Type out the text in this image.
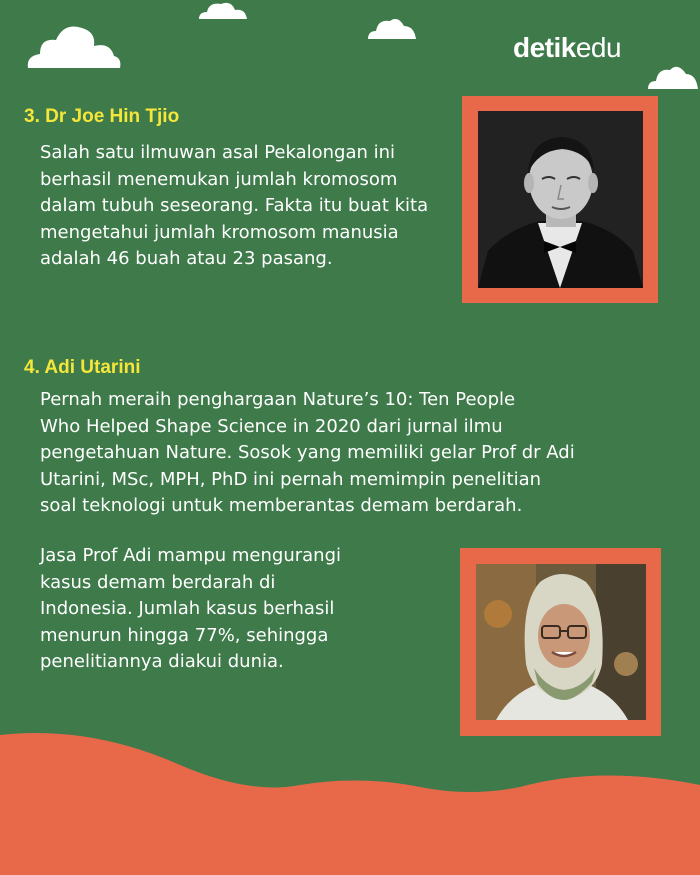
detikedu
3. Dr Joe Hin Tjio
Salah satu ilmuwan asal Pekalongan ini
berhasil menemukan jumlah kromosom
dalam tubuh seseorang. Fakta itu buat kita
mengetahui jumlah kromosom manusia
adalah 46 buah atau 23 pasang.
4. Adi Utarini
Pernah meraih penghargaan Nature’s 10: Ten People
Who Helped Shape Science in 2020 dari jurnal ilmu
pengetahuan Nature. Sosok yang memiliki gelar Prof dr Adi
Utarini, MSc, MPH, PhD ini pernah memimpin penelitian
soal teknologi untuk memberantas demam berdarah.
Jasa Prof Adi mampu mengurangi
kasus demam berdarah di
Indonesia. Jumlah kasus berhasil
menurun hingga 77%, sehingga
penelitiannya diakui dunia.
